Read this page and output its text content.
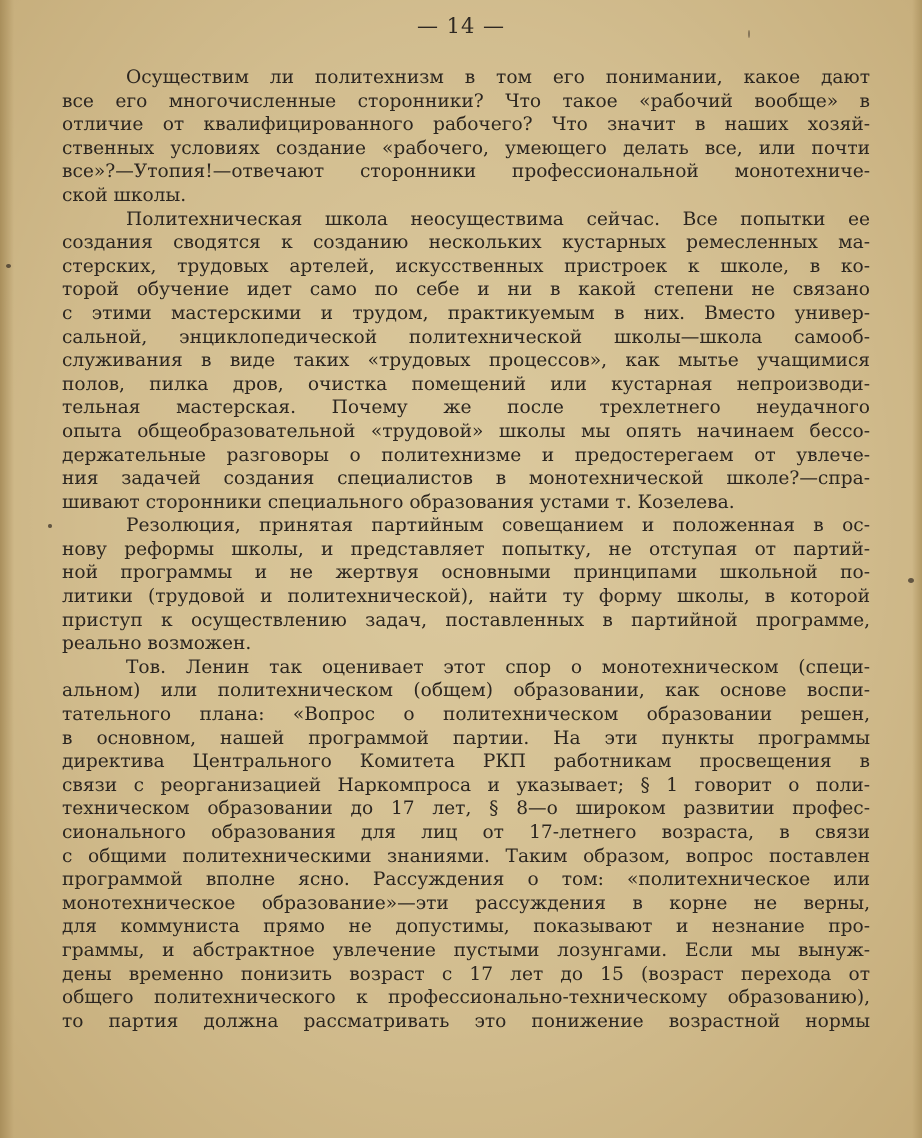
— 14 —
Осуществим ли политехнизм в том его понимании, какое дают
все его многочисленные сторонники? Что такое «рабочий вообще» в
отличие от квалифицированного рабочего? Что значит в наших хозяй-
ственных условиях создание «рабочего, умеющего делать все, или почти
все»?—Утопия!—отвечают сторонники профессиональной монотехниче-
ской школы.
Политехническая школа неосуществима сейчас. Все попытки ее
создания сводятся к созданию нескольких кустарных ремесленных ма-
стерских, трудовых артелей, искусственных пристроек к школе, в ко-
торой обучение идет само по себе и ни в какой степени не связано
с этими мастерскими и трудом, практикуемым в них. Вместо универ-
сальной, энциклопедической политехнической школы—школа самооб-
служивания в виде таких «трудовых процессов», как мытье учащимися
полов, пилка дров, очистка помещений или кустарная непроизводи-
тельная мастерская. Почему же после трехлетнего неудачного
опыта общеобразовательной «трудовой» школы мы опять начинаем бессо-
держательные разговоры о политехнизме и предостерегаем от увлече-
ния задачей создания специалистов в монотехнической школе?—спра-
шивают сторонники специального образования устами т. Козелева.
Резолюция, принятая партийным совещанием и положенная в ос-
нову реформы школы, и представляет попытку, не отступая от партий-
ной программы и не жертвуя основными принципами школьной по-
литики (трудовой и политехнической), найти ту форму школы, в которой
приступ к осуществлению задач, поставленных в партийной программе,
реально возможен.
Тов. Ленин так оценивает этот спор о монотехническом (специ-
альном) или политехническом (общем) образовании, как основе воспи-
тательного плана: «Вопрос о политехническом образовании решен,
в основном, нашей программой партии. На эти пункты программы
директива Центрального Комитета РКП работникам просвещения в
связи с реорганизацией Наркомпроса и указывает; § 1 говорит о поли-
техническом образовании до 17 лет, § 8—о широком развитии профес-
сионального образования для лиц от 17-летнего возраста, в связи
с общими политехническими знаниями. Таким образом, вопрос поставлен
программой вполне ясно. Рассуждения о том: «политехническое или
монотехническое образование»—эти рассуждения в корне не верны,
для коммуниста прямо не допустимы, показывают и незнание про-
граммы, и абстрактное увлечение пустыми лозунгами. Если мы вынуж-
дены временно понизить возраст с 17 лет до 15 (возраст перехода от
общего политехнического к профессионально-техническому образованию),
то партия должна рассматривать это понижение возрастной нормы
